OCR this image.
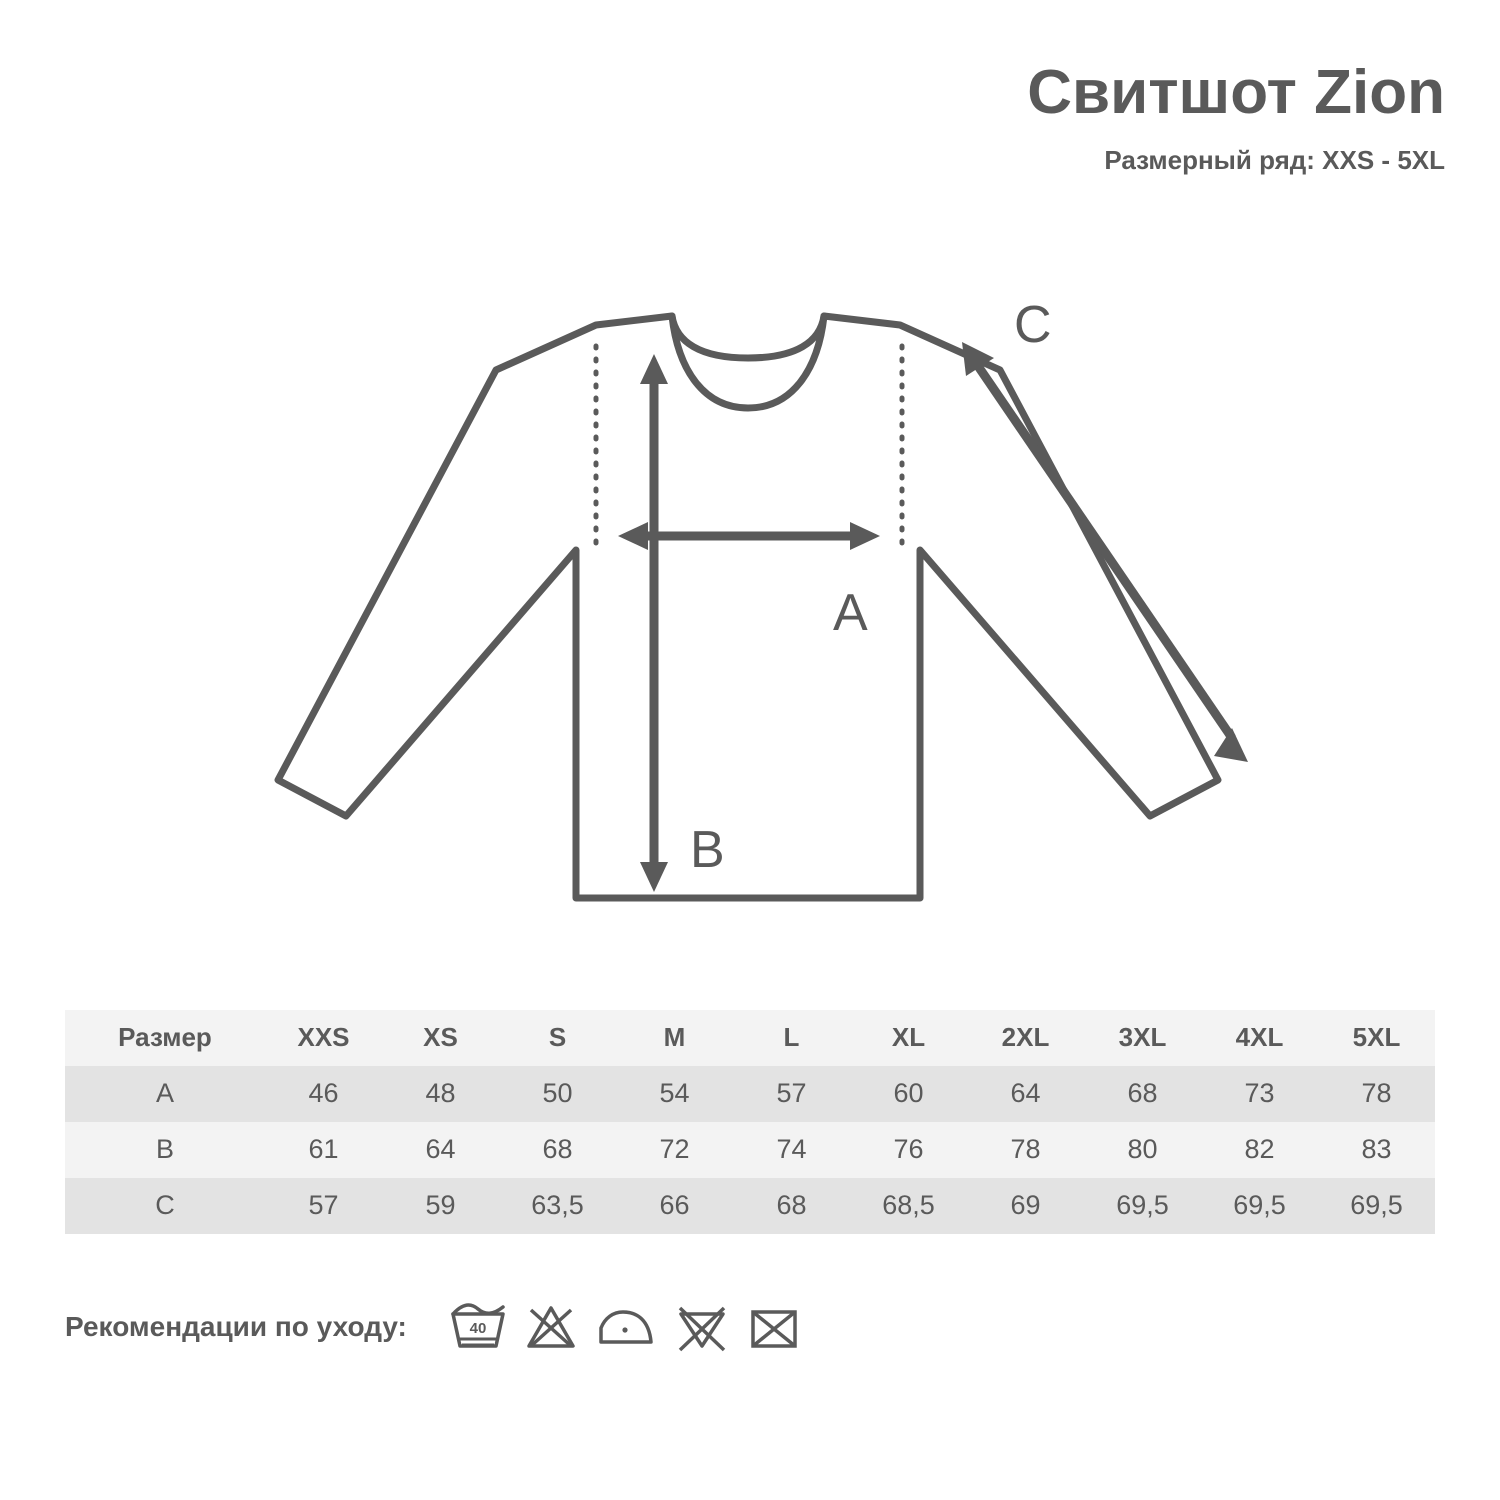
Свитшот Zion
Размерный ряд: XXS - 5XL
A
B
C
Размер	XXS	XS	S	M	L	XL	2XL	3XL	4XL	5XL
A	46	48	50	54	57	60	64	68	73	78
B	61	64	68	72	74	76	78	80	82	83
C	57	59	63,5	66	68	68,5	69	69,5	69,5	69,5
Рекомендации по уходу:	40
